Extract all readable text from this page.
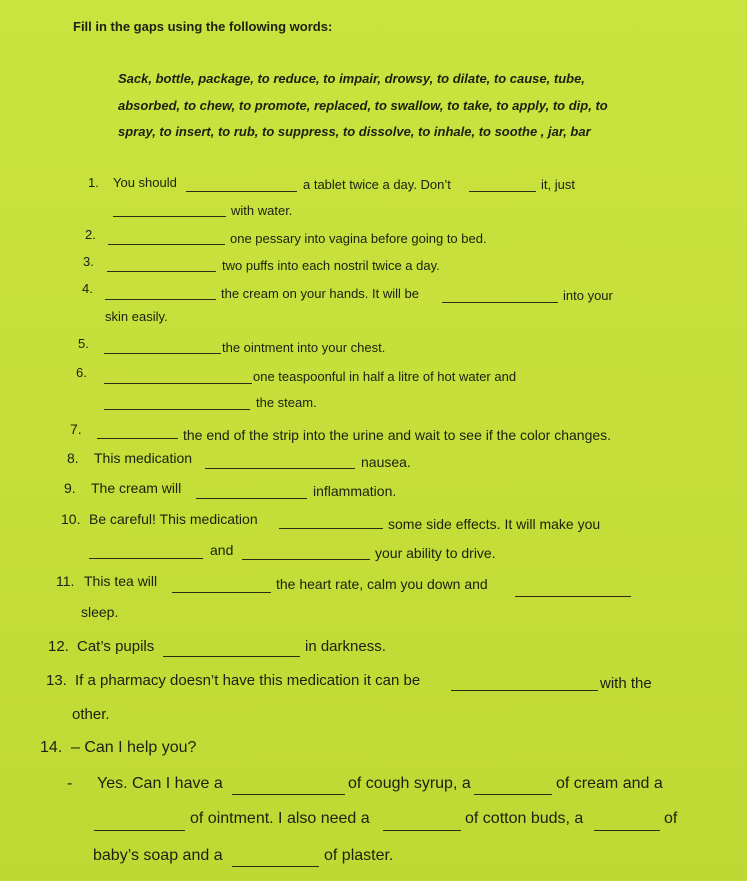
Fill in the gaps using the following words:
Sack, bottle, package, to reduce, to impair, drowsy, to dilate, to cause, tube,
absorbed, to chew, to promote, replaced, to swallow, to take, to apply, to dip, to
spray, to insert, to rub, to suppress, to dissolve, to inhale, to soothe , jar, bar
1. You should	a tablet twice a day. Don’t	it, just
with water.
2.	one pessary into vagina before going to bed.
3.	two puffs into each nostril twice a day.
4.	the cream on your hands. It will be	into your
skin easily.
5.	the ointment into your chest.
6.	one teaspoonful in half a litre of hot water and
the steam.
7.	the end of the strip into the urine and wait to see if the color changes.
8. This medication	nausea.
9. The cream will	inflammation.
10. Be careful! This medication	some side effects. It will make you
and	your ability to drive.
11. This tea will	the heart rate, calm you down and
sleep.
12. Cat’s pupils	in darkness.
13. If a pharmacy doesn’t have this medication it can be	with the
other.
14. – Can I help you?
- Yes. Can I have a	of cough syrup, a	of cream and a
of ointment. I also need a	of cotton buds, a	of
baby’s soap and a	of plaster.
